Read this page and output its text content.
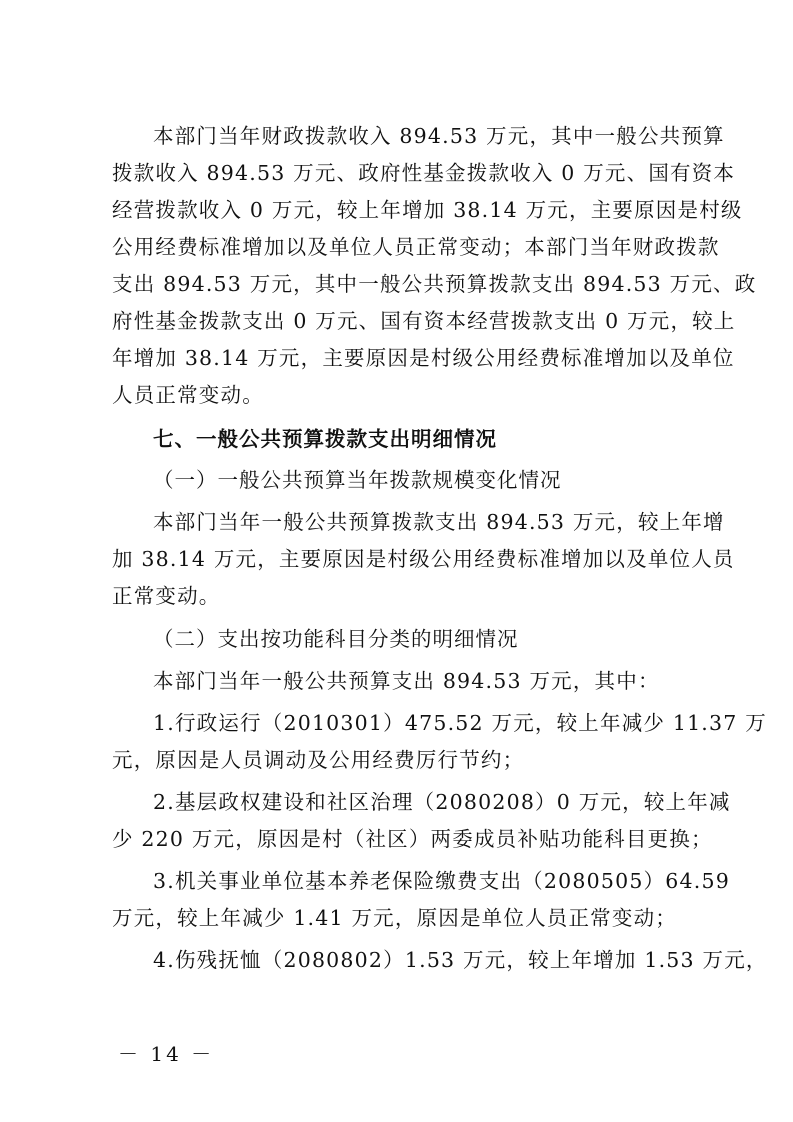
本部门当年财政拨款收入 894.53 万元，其中一般公共预算
拨款收入 894.53 万元、政府性基金拨款收入 0 万元、国有资本
经营拨款收入 0 万元，较上年增加 38.14 万元，主要原因是村级
公用经费标准增加以及单位人员正常变动；本部门当年财政拨款
支出 894.53 万元，其中一般公共预算拨款支出 894.53 万元、政
府性基金拨款支出 0 万元、国有资本经营拨款支出 0 万元，较上
年增加 38.14 万元，主要原因是村级公用经费标准增加以及单位
人员正常变动。
七、一般公共预算拨款支出明细情况
（一）一般公共预算当年拨款规模变化情况
本部门当年一般公共预算拨款支出 894.53 万元，较上年增
加 38.14 万元，主要原因是村级公用经费标准增加以及单位人员
正常变动。
（二）支出按功能科目分类的明细情况
本部门当年一般公共预算支出 894.53 万元，其中：
1.行政运行（2010301）475.52 万元，较上年减少 11.37 万
元，原因是人员调动及公用经费厉行节约；
2.基层政权建设和社区治理（2080208）0 万元，较上年减
少 220 万元，原因是村（社区）两委成员补贴功能科目更换；
3.机关事业单位基本养老保险缴费支出（2080505）64.59
万元，较上年减少 1.41 万元，原因是单位人员正常变动；
4.伤残抚恤（2080802）1.53 万元，较上年增加 1.53 万元，
－ 14 －
